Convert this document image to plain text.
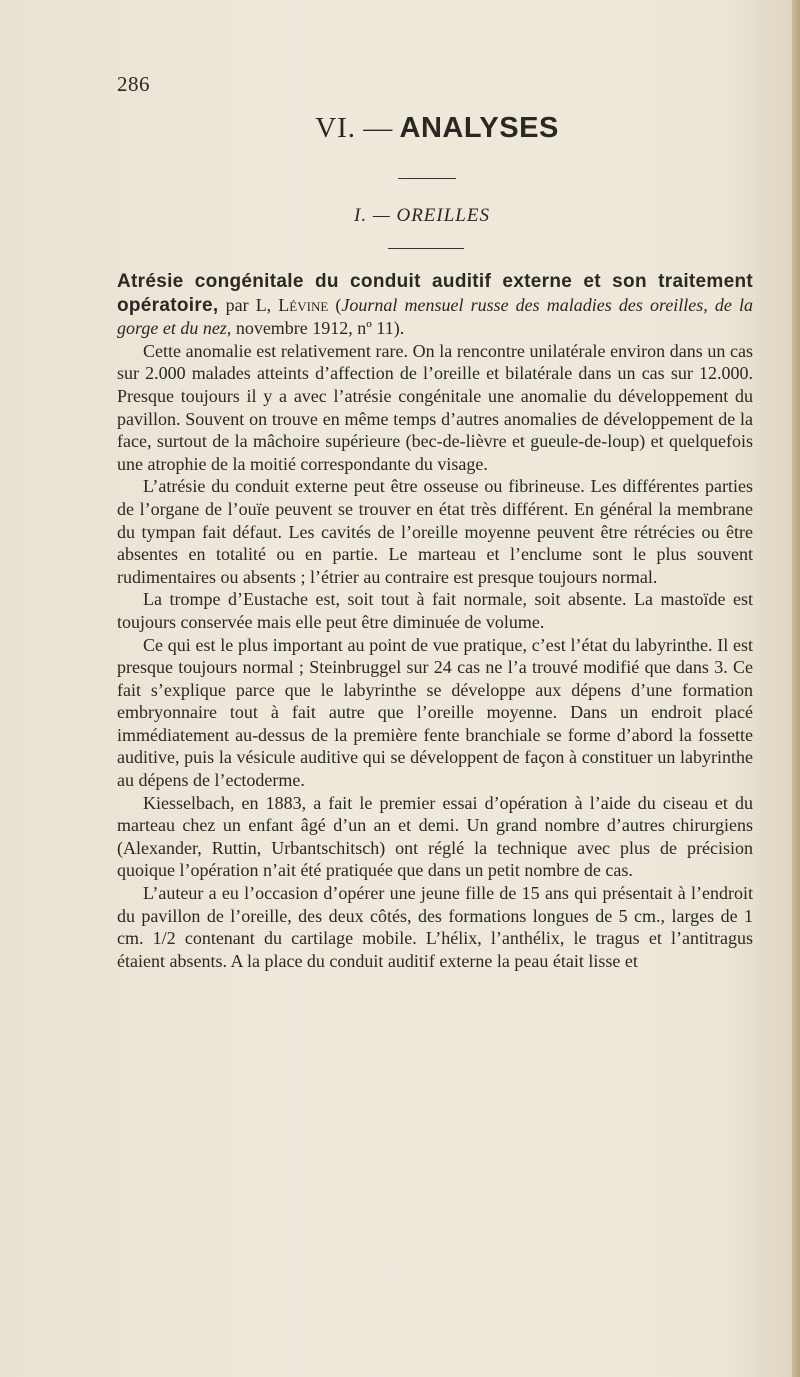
286
VI. — ANALYSES
I. — OREILLES

Atrésie congénitale du conduit auditif externe et son traitement opératoire, par L, Lévine (Journal mensuel russe des maladies des oreilles, de la gorge et du nez, novembre 1912, nº 11).

Cette anomalie est relativement rare. On la rencontre unilatérale environ dans un cas sur 2.000 malades atteints d’affection de l’oreille et bilatérale dans un cas sur 12.000. Presque toujours il y a avec l’atrésie congénitale une anomalie du développement du pavillon. Souvent on trouve en même temps d’autres anomalies de développement de la face, surtout de la mâchoire supérieure (bec-de-lièvre et gueule-de-loup) et quelquefois une atrophie de la moitié correspondante du visage.

L’atrésie du conduit externe peut être osseuse ou fibrineuse. Les différentes parties de l’organe de l’ouïe peuvent se trouver en état très différent. En général la membrane du tympan fait défaut. Les cavités de l’oreille moyenne peuvent être rétrécies ou être absentes en totalité ou en partie. Le marteau et l’enclume sont le plus souvent rudimentaires ou absents ; l’étrier au contraire est presque toujours normal.

La trompe d’Eustache est, soit tout à fait normale, soit absente. La mastoïde est toujours conservée mais elle peut être diminuée de volume.

Ce qui est le plus important au point de vue pratique, c’est l’état du labyrinthe. Il est presque toujours normal ; Steinbruggel sur 24 cas ne l’a trouvé modifié que dans 3. Ce fait s’explique parce que le labyrinthe se développe aux dépens d’une formation embryonnaire tout à fait autre que l’oreille moyenne. Dans un endroit placé immédiatement au-dessus de la première fente branchiale se forme d’abord la fossette auditive, puis la vésicule auditive qui se développent de façon à constituer un labyrinthe au dépens de l’ectoderme.

Kiesselbach, en 1883, a fait le premier essai d’opération à l’aide du ciseau et du marteau chez un enfant âgé d’un an et demi. Un grand nombre d’autres chirurgiens (Alexander, Ruttin, Urbantschitsch) ont réglé la technique avec plus de précision quoique l’opération n’ait été pratiquée que dans un petit nombre de cas.

L’auteur a eu l’occasion d’opérer une jeune fille de 15 ans qui présentait à l’endroit du pavillon de l’oreille, des deux côtés, des formations longues de 5 cm., larges de 1 cm. 1/2 contenant du cartilage mobile. L’hélix, l’anthélix, le tragus et l’antitragus étaient absents. A la place du conduit auditif externe la peau était lisse et
